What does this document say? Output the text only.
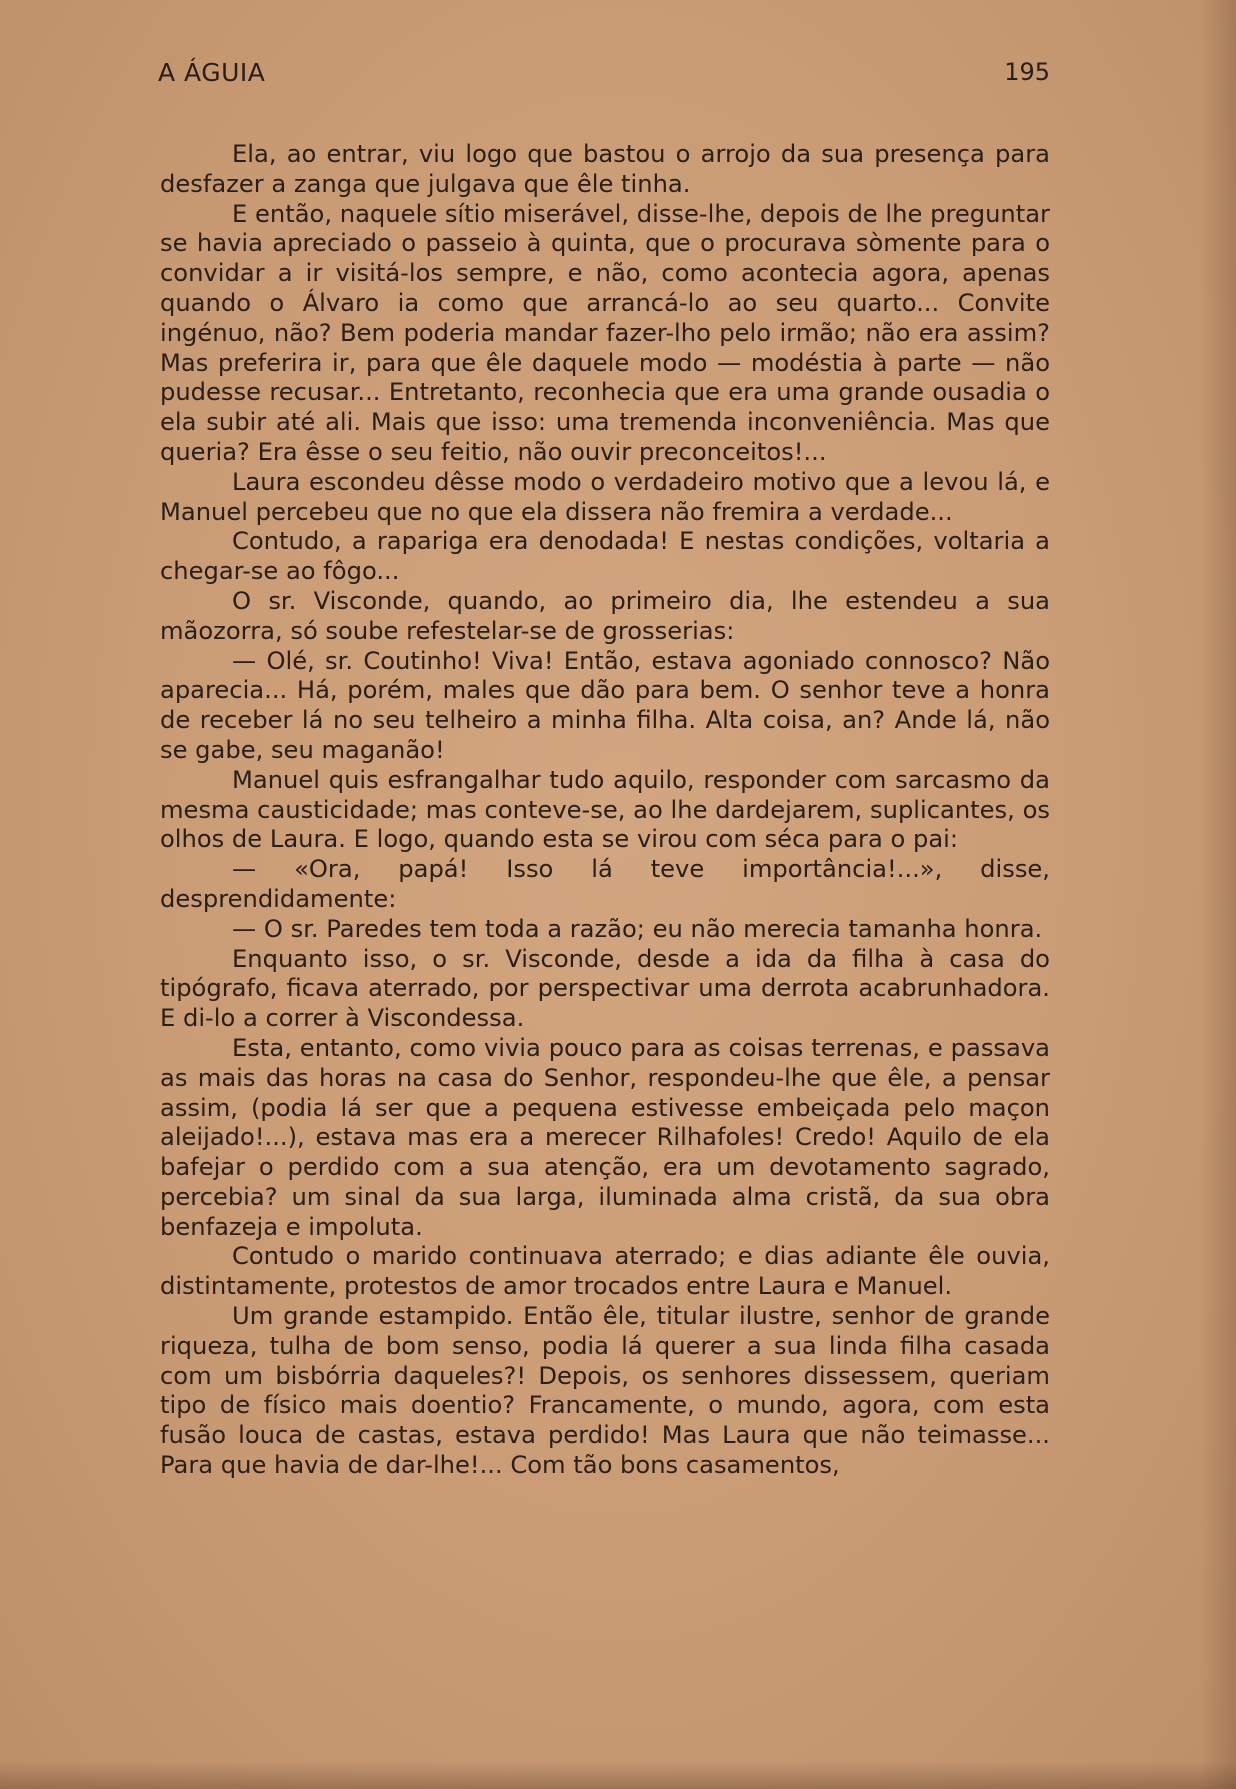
A ÁGUIA	195

Ela, ao entrar, viu logo que bastou o arrojo da sua presença para desfazer a zanga que julgava que êle tinha.

E então, naquele sítio miserável, disse-lhe, depois de lhe preguntar se havia apreciado o passeio à quinta, que o procurava sòmente para o convidar a ir visitá-los sempre, e não, como acontecia agora, apenas quando o Álvaro ia como que arrancá-lo ao seu quarto... Convite ingénuo, não? Bem poderia mandar fazer-lho pelo irmão; não era assim? Mas preferira ir, para que êle daquele modo — modéstia à parte — não pudesse recusar... Entretanto, reconhecia que era uma grande ousadia o ela subir até ali. Mais que isso: uma tremenda inconveniência. Mas que queria? Era êsse o seu feitio, não ouvir preconceitos!...

Laura escondeu dêsse modo o verdadeiro motivo que a levou lá, e Manuel percebeu que no que ela dissera não fremira a verdade...

Contudo, a rapariga era denodada! E nestas condições, voltaria a chegar-se ao fôgo...

O sr. Visconde, quando, ao primeiro dia, lhe estendeu a sua mãozorra, só soube refestelar-se de grosserias:

— Olé, sr. Coutinho! Viva! Então, estava agoniado connosco? Não aparecia... Há, porém, males que dão para bem. O senhor teve a honra de receber lá no seu telheiro a minha filha. Alta coisa, an? Ande lá, não se gabe, seu maganão!

Manuel quis esfrangalhar tudo aquilo, responder com sarcasmo da mesma causticidade; mas conteve-se, ao lhe dardejarem, suplicantes, os olhos de Laura. E logo, quando esta se virou com séca para o pai:

— «Ora, papá! Isso lá teve importância!...», disse, desprendidamente:

— O sr. Paredes tem toda a razão; eu não merecia tamanha honra.

Enquanto isso, o sr. Visconde, desde a ida da filha à casa do tipógrafo, ficava aterrado, por perspectivar uma derrota acabrunhadora. E di-lo a correr à Viscondessa.

Esta, entanto, como vivia pouco para as coisas terrenas, e passava as mais das horas na casa do Senhor, respondeu-lhe que êle, a pensar assim, (podia lá ser que a pequena estivesse embeiçada pelo maçon aleijado!...), estava mas era a merecer Rilhafoles! Credo! Aquilo de ela bafejar o perdido com a sua atenção, era um devotamento sagrado, percebia? um sinal da sua larga, iluminada alma cristã, da sua obra benfazeja e impoluta.

Contudo o marido continuava aterrado; e dias adiante êle ouvia, distintamente, protestos de amor trocados entre Laura e Manuel.

Um grande estampido. Então êle, titular ilustre, senhor de grande riqueza, tulha de bom senso, podia lá querer a sua linda filha casada com um bisbórria daqueles?! Depois, os senhores dissessem, queriam tipo de físico mais doentio? Francamente, o mundo, agora, com esta fusão louca de castas, estava perdido! Mas Laura que não teimasse... Para que havia de dar-lhe!... Com tão bons casamentos,
